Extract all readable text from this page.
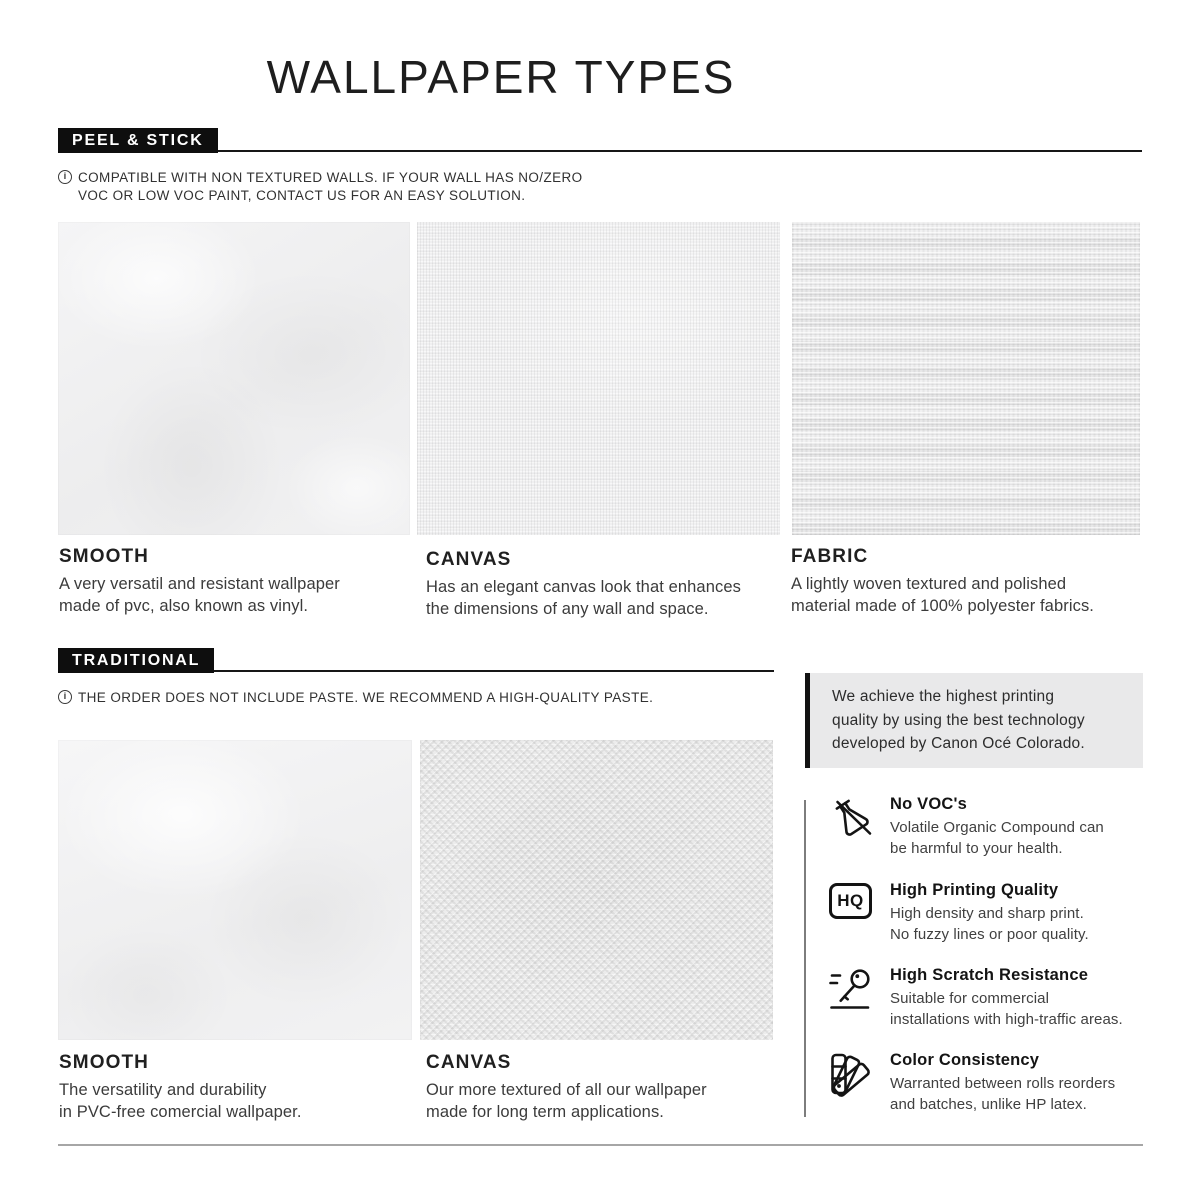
WALLPAPER TYPES
PEEL & STICK
i COMPATIBLE WITH NON TEXTURED WALLS. IF YOUR WALL HAS NO/ZERO
VOC OR LOW VOC PAINT, CONTACT US FOR AN EASY SOLUTION.
SMOOTH
A very versatil and resistant wallpaper
made of pvc, also known as vinyl.
CANVAS
Has an elegant canvas look that enhances
the dimensions of any wall and space.
FABRIC
A lightly woven textured and polished
material made of 100% polyester fabrics.
TRADITIONAL
i THE ORDER DOES NOT INCLUDE PASTE. WE RECOMMEND A HIGH-QUALITY PASTE.
SMOOTH
The versatility and durability
in PVC-free comercial wallpaper.
CANVAS
Our more textured of all our wallpaper
made for long term applications.
We achieve the highest printing
quality by using the best technology
developed by Canon Océ Colorado.
No VOC's
Volatile Organic Compound can
be harmful to your health.
HQ
High Printing Quality
High density and sharp print.
No fuzzy lines or poor quality.
High Scratch Resistance
Suitable for commercial
installations with high-traffic areas.
Color Consistency
Warranted between rolls reorders
and batches, unlike HP latex.
